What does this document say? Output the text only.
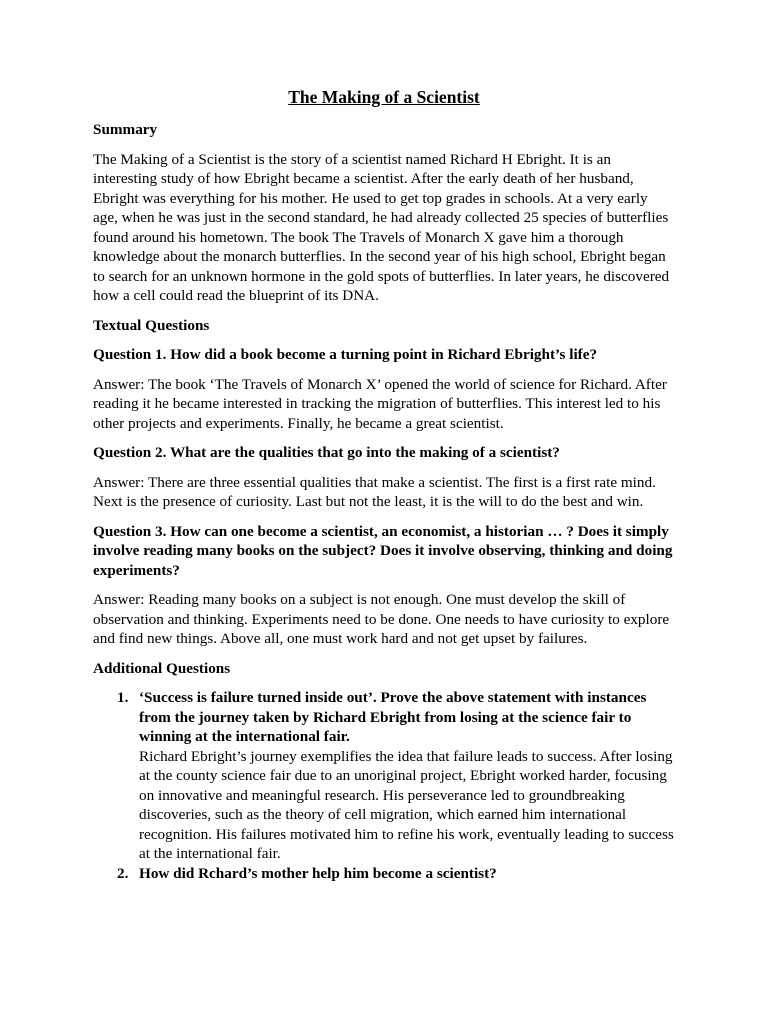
The Making of a Scientist
Summary
The Making of a Scientist is the story of a scientist named Richard H Ebright. It is an interesting study of how Ebright became a scientist. After the early death of her husband, Ebright was everything for his mother. He used to get top grades in schools. At a very early age, when he was just in the second standard, he had already collected 25 species of butterflies found around his hometown. The book The Travels of Monarch X gave him a thorough knowledge about the monarch butterflies. In the second year of his high school, Ebright began to search for an unknown hormone in the gold spots of butterflies. In later years, he discovered how a cell could read the blueprint of its DNA.
Textual Questions
Question 1. How did a book become a turning point in Richard Ebright’s life?
Answer: The book ‘The Travels of Monarch X’ opened the world of science for Richard. After reading it he became interested in tracking the migration of butterflies. This interest led to his other projects and experiments. Finally, he became a great scientist.
Question 2. What are the qualities that go into the making of a scientist?
Answer: There are three essential qualities that make a scientist. The first is a first rate mind. Next is the presence of curiosity. Last but not the least, it is the will to do the best and win.
Question 3. How can one become a scientist, an economist, a historian … ? Does it simply involve reading many books on the subject? Does it involve observing, thinking and doing experiments?
Answer: Reading many books on a subject is not enough. One must develop the skill of observation and thinking. Experiments need to be done. One needs to have curiosity to explore and find new things. Above all, one must work hard and not get upset by failures.
Additional Questions
1. ‘Success is failure turned inside out’. Prove the above statement with instances from the journey taken by Richard Ebright from losing at the science fair to winning at the international fair.
Richard Ebright’s journey exemplifies the idea that failure leads to success. After losing at the county science fair due to an unoriginal project, Ebright worked harder, focusing on innovative and meaningful research. His perseverance led to groundbreaking discoveries, such as the theory of cell migration, which earned him international recognition. His failures motivated him to refine his work, eventually leading to success at the international fair.
2. How did Rchard’s mother help him become a scientist?
